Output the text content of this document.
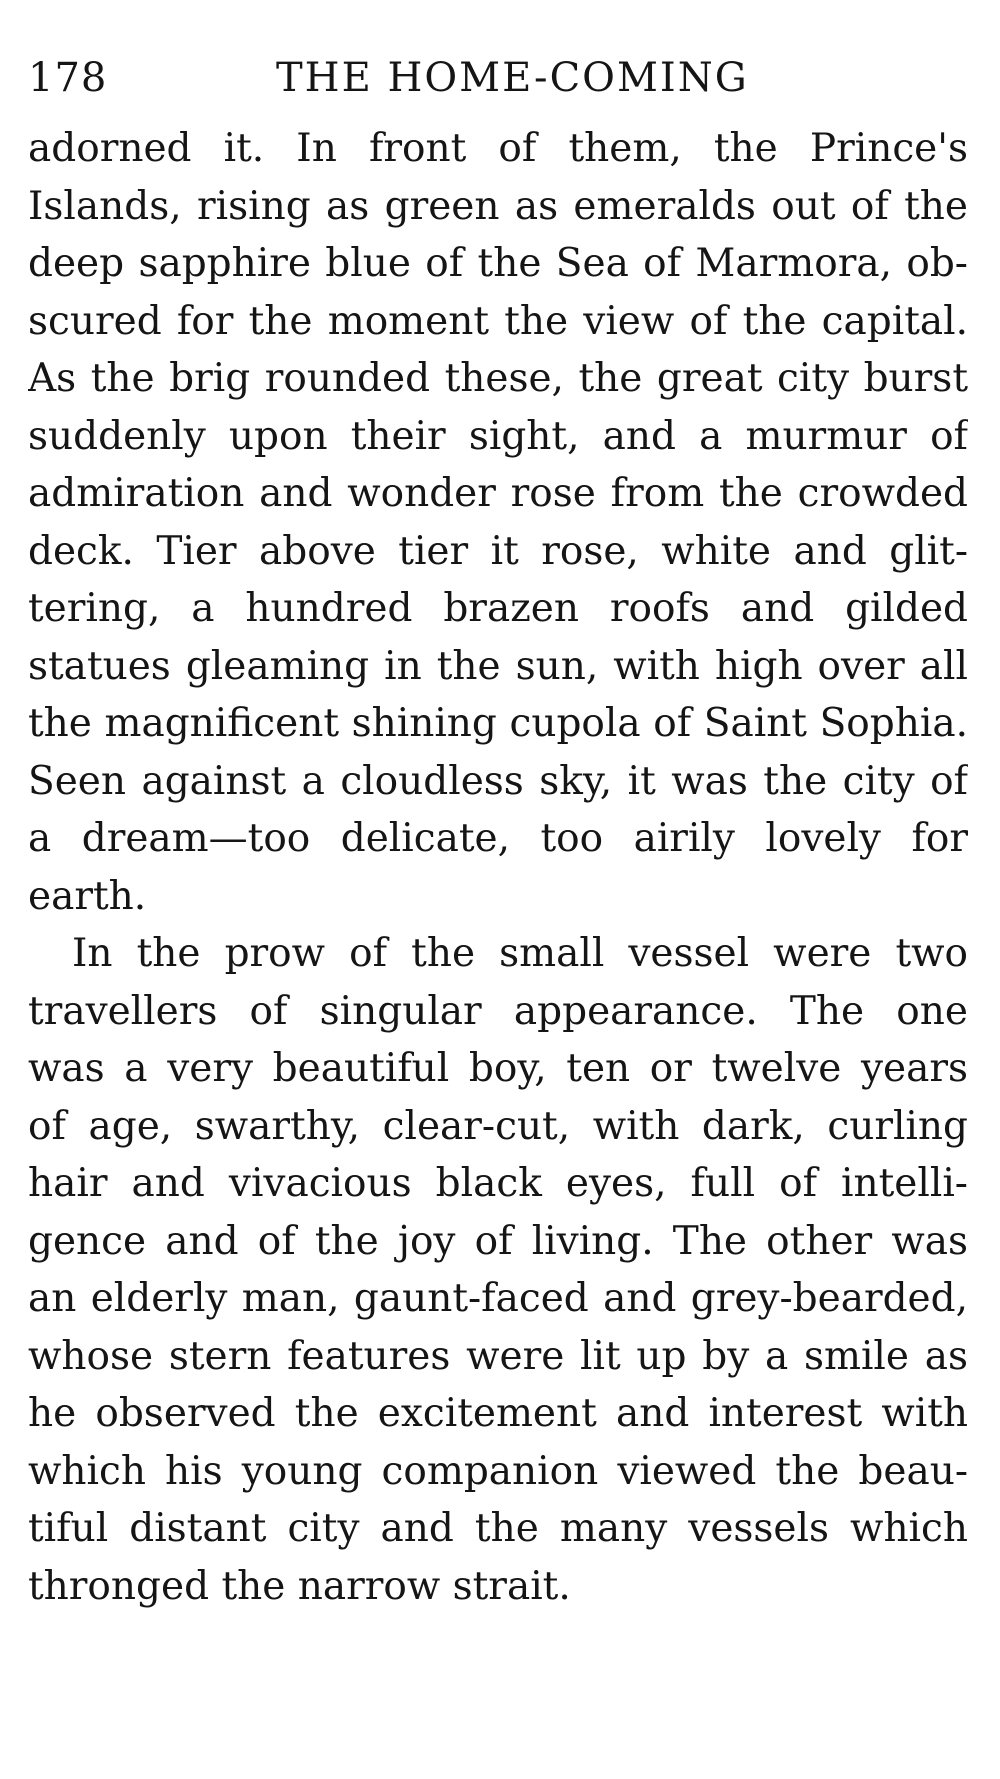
178	THE HOME-COMING
adorned it. In front of them, the Prince's
Islands, rising as green as emeralds out of the
deep sapphire blue of the Sea of Marmora, ob-
scured for the moment the view of the capital.
As the brig rounded these, the great city burst
suddenly upon their sight, and a murmur of
admiration and wonder rose from the crowded
deck. Tier above tier it rose, white and glit-
tering, a hundred brazen roofs and gilded
statues gleaming in the sun, with high over all
the magnificent shining cupola of Saint Sophia.
Seen against a cloudless sky, it was the city of
a dream—too delicate, too airily lovely for
earth.
In the prow of the small vessel were two
travellers of singular appearance. The one
was a very beautiful boy, ten or twelve years
of age, swarthy, clear-cut, with dark, curling
hair and vivacious black eyes, full of intelli-
gence and of the joy of living. The other was
an elderly man, gaunt-faced and grey-bearded,
whose stern features were lit up by a smile as
he observed the excitement and interest with
which his young companion viewed the beau-
tiful distant city and the many vessels which
thronged the narrow strait.
